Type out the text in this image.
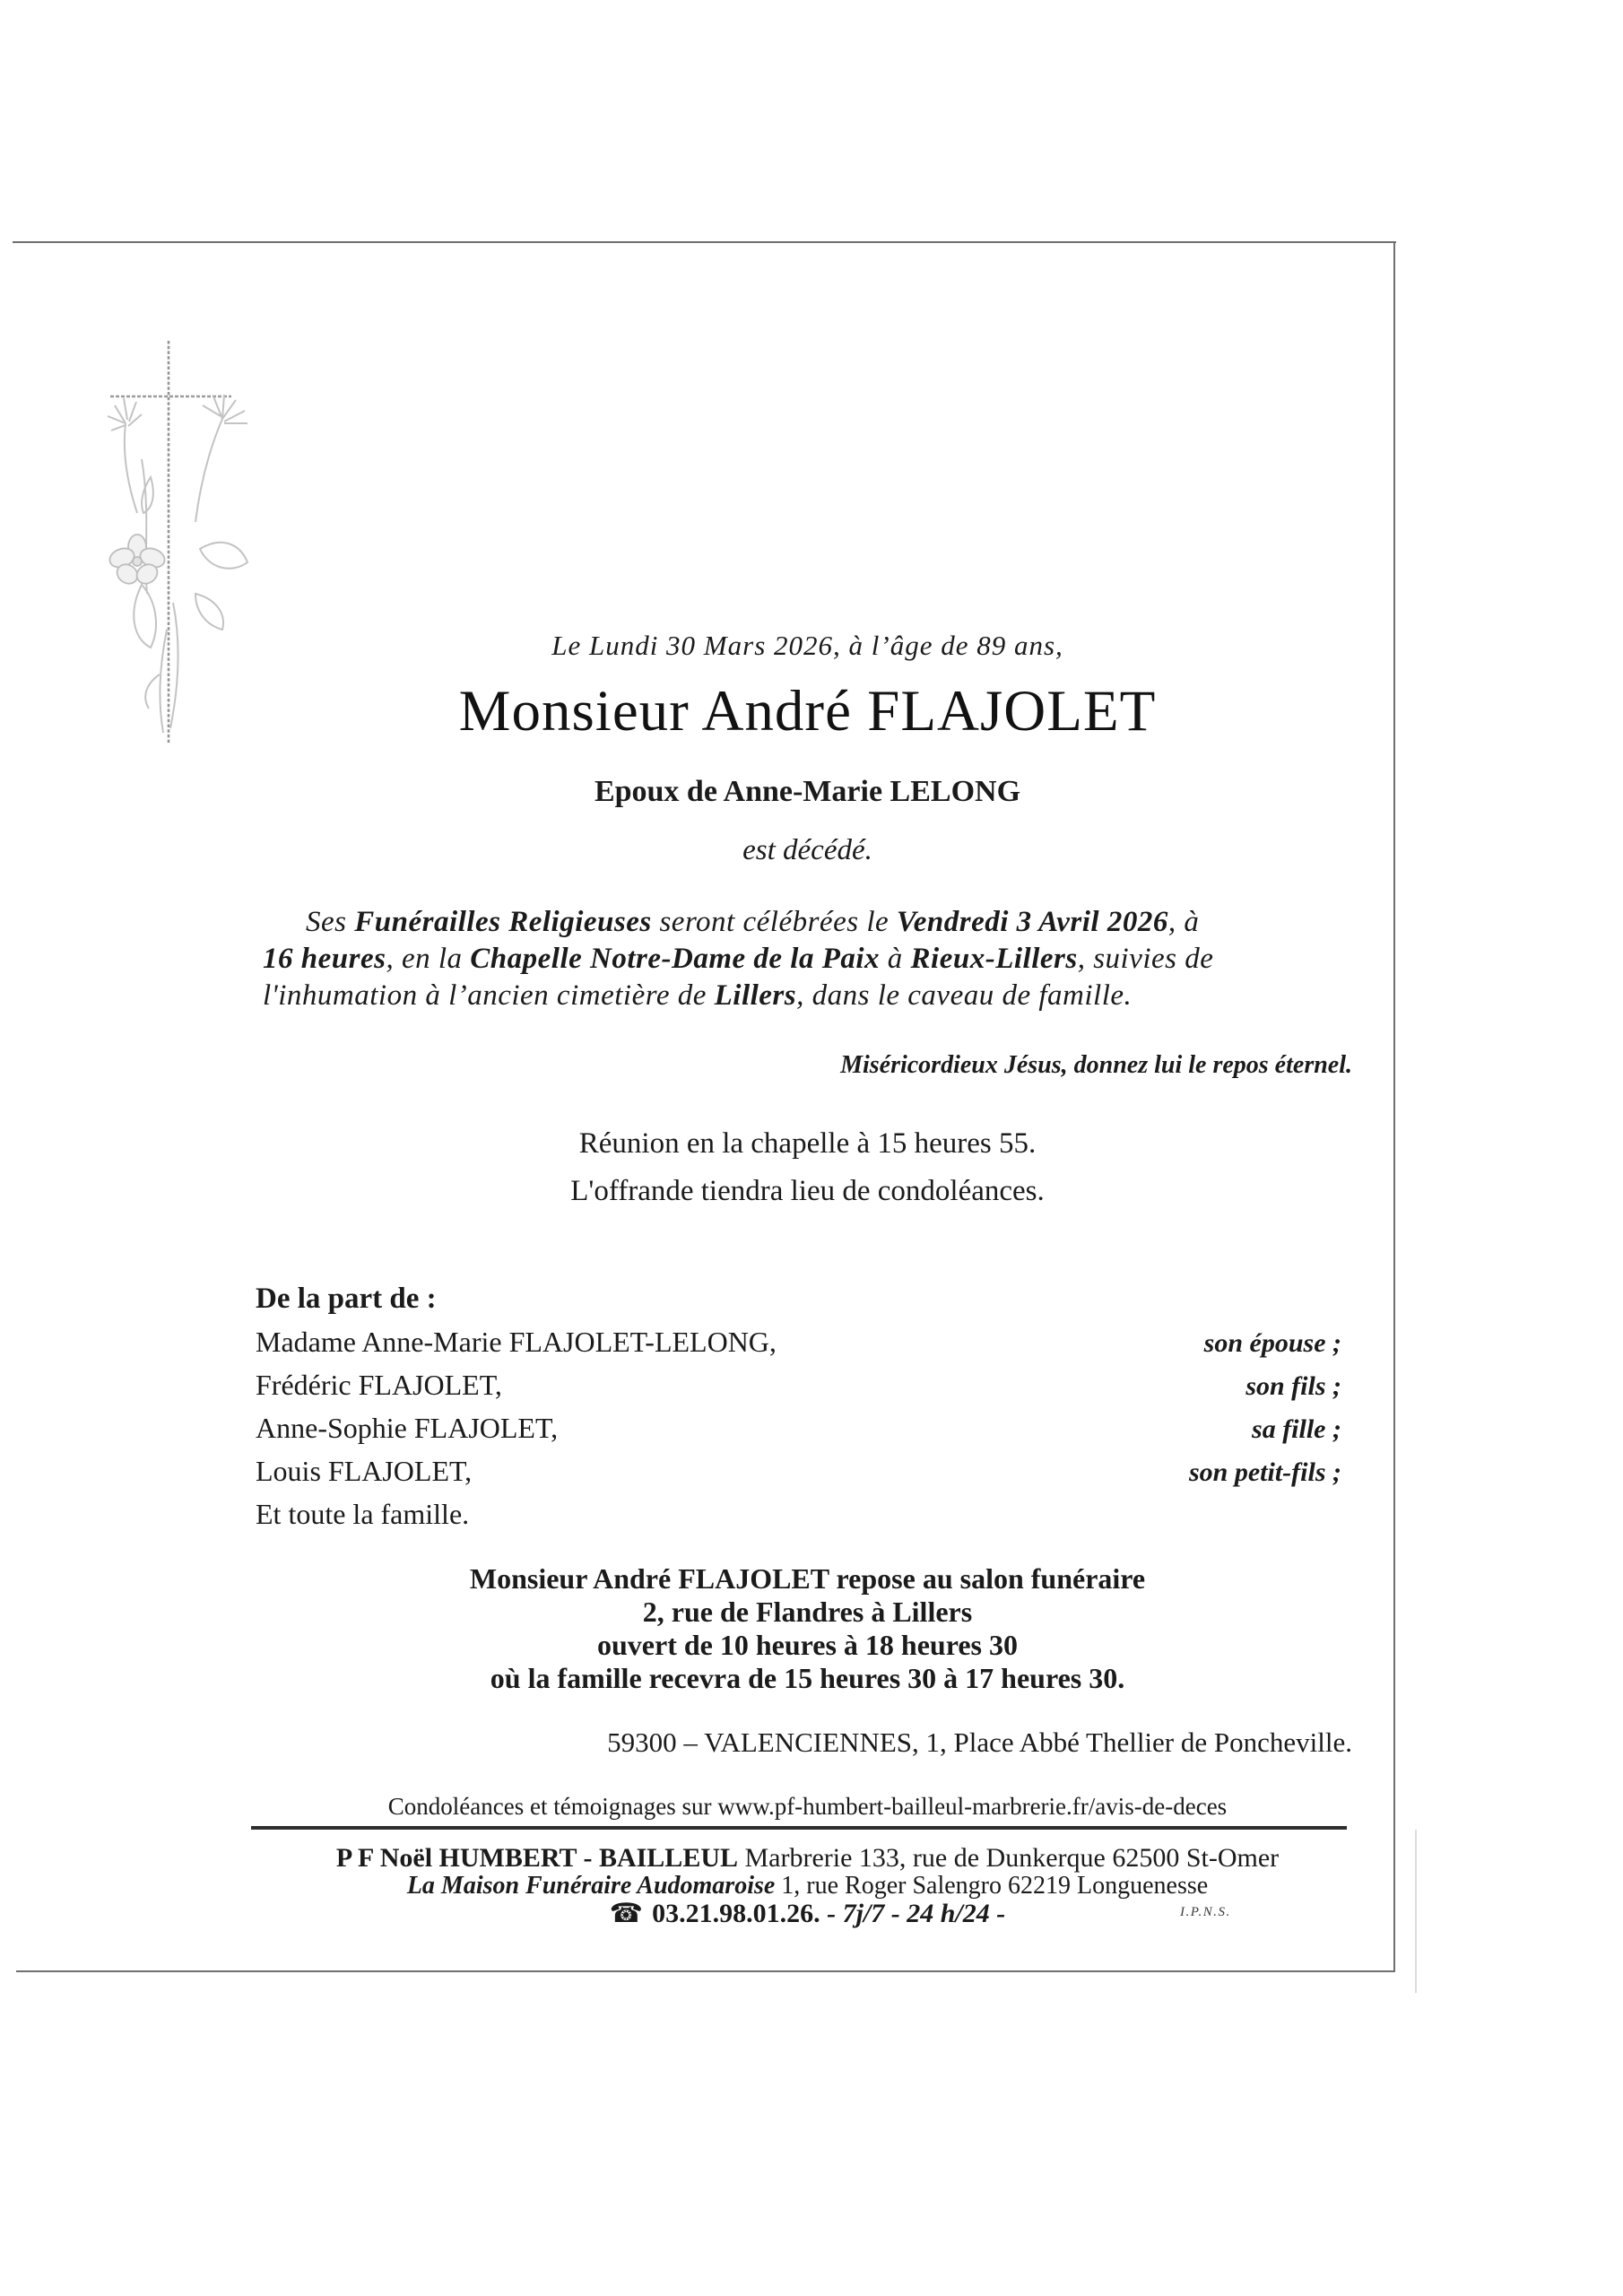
Le Lundi 30 Mars 2026, à l’âge de 89 ans,
Monsieur André FLAJOLET
Epoux de Anne-Marie LELONG
est décédé.
Ses Funérailles Religieuses seront célébrées le Vendredi 3 Avril 2026, à
16 heures, en la Chapelle Notre-Dame de la Paix à Rieux-Lillers, suivies de
l'inhumation à l’ancien cimetière de Lillers, dans le caveau de famille.
Miséricordieux Jésus, donnez lui le repos éternel.
Réunion en la chapelle à 15 heures 55.
L'offrande tiendra lieu de condoléances.
De la part de :
Madame Anne-Marie FLAJOLET-LELONG,	son épouse ;
Frédéric FLAJOLET,	son fils ;
Anne-Sophie FLAJOLET,	sa fille ;
Louis FLAJOLET,	son petit-fils ;
Et toute la famille.
Monsieur André FLAJOLET repose au salon funéraire
2, rue de Flandres à Lillers
ouvert de 10 heures à 18 heures 30
où la famille recevra de 15 heures 30 à 17 heures 30.
59300 – VALENCIENNES, 1, Place Abbé Thellier de Poncheville.
Condoléances et témoignages sur www.pf-humbert-bailleul-marbrerie.fr/avis-de-deces
P F Noël HUMBERT - BAILLEUL Marbrerie 133, rue de Dunkerque 62500 St-Omer
La Maison Funéraire Audomaroise 1, rue Roger Salengro 62219 Longuenesse
☎ 03.21.98.01.26. - 7j/7 - 24 h/24 -	I.P.N.S.
